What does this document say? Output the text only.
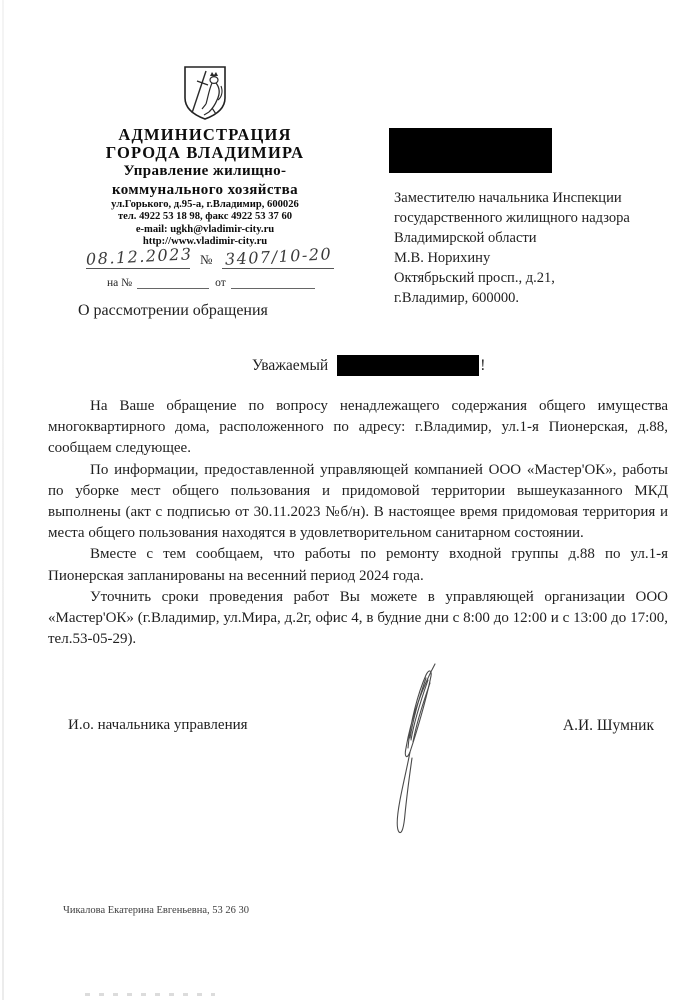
АДМИНИСТРАЦИЯ
ГОРОДА ВЛАДИМИРА
Управление жилищно-
коммунального хозяйства
ул.Горького, д.95-а, г.Владимир, 600026
тел. 4922 53 18 98, факс 4922 53 37 60
e-mail: ugkh@vladimir-city.ru
http://www.vladimir-city.ru
08.12.2023 № 3407/10-20
на №	от
О рассмотрении обращения
Заместителю начальника Инспекции
государственного жилищного надзора
Владимирской области
М.В. Норихину
Октябрьский просп., д.21,
г.Владимир, 600000.
Уважаемый	!

На Ваше обращение по вопросу ненадлежащего содержания общего имущества многоквартирного дома, расположенного по адресу: г.Владимир, ул.1-я Пионерская, д.88, сообщаем следующее.

По информации, предоставленной управляющей компанией ООО «Мастер'ОК», работы по уборке мест общего пользования и придомовой территории вышеуказанного МКД выполнены (акт с подписью от 30.11.2023 №б/н). В настоящее время придомовая территория и места общего пользования находятся в удовлетворительном санитарном состоянии.

Вместе с тем сообщаем, что работы по ремонту входной группы д.88 по ул.1-я Пионерская запланированы на весенний период 2024 года.

Уточнить сроки проведения работ Вы можете в управляющей организации ООО «Мастер'ОК» (г.Владимир, ул.Мира, д.2г, офис 4, в будние дни с 8:00 до 12:00 и с 13:00 до 17:00, тел.53-05-29).

И.о. начальника управления	А.И. Шумник
Чикалова Екатерина Евгеньевна, 53 26 30
